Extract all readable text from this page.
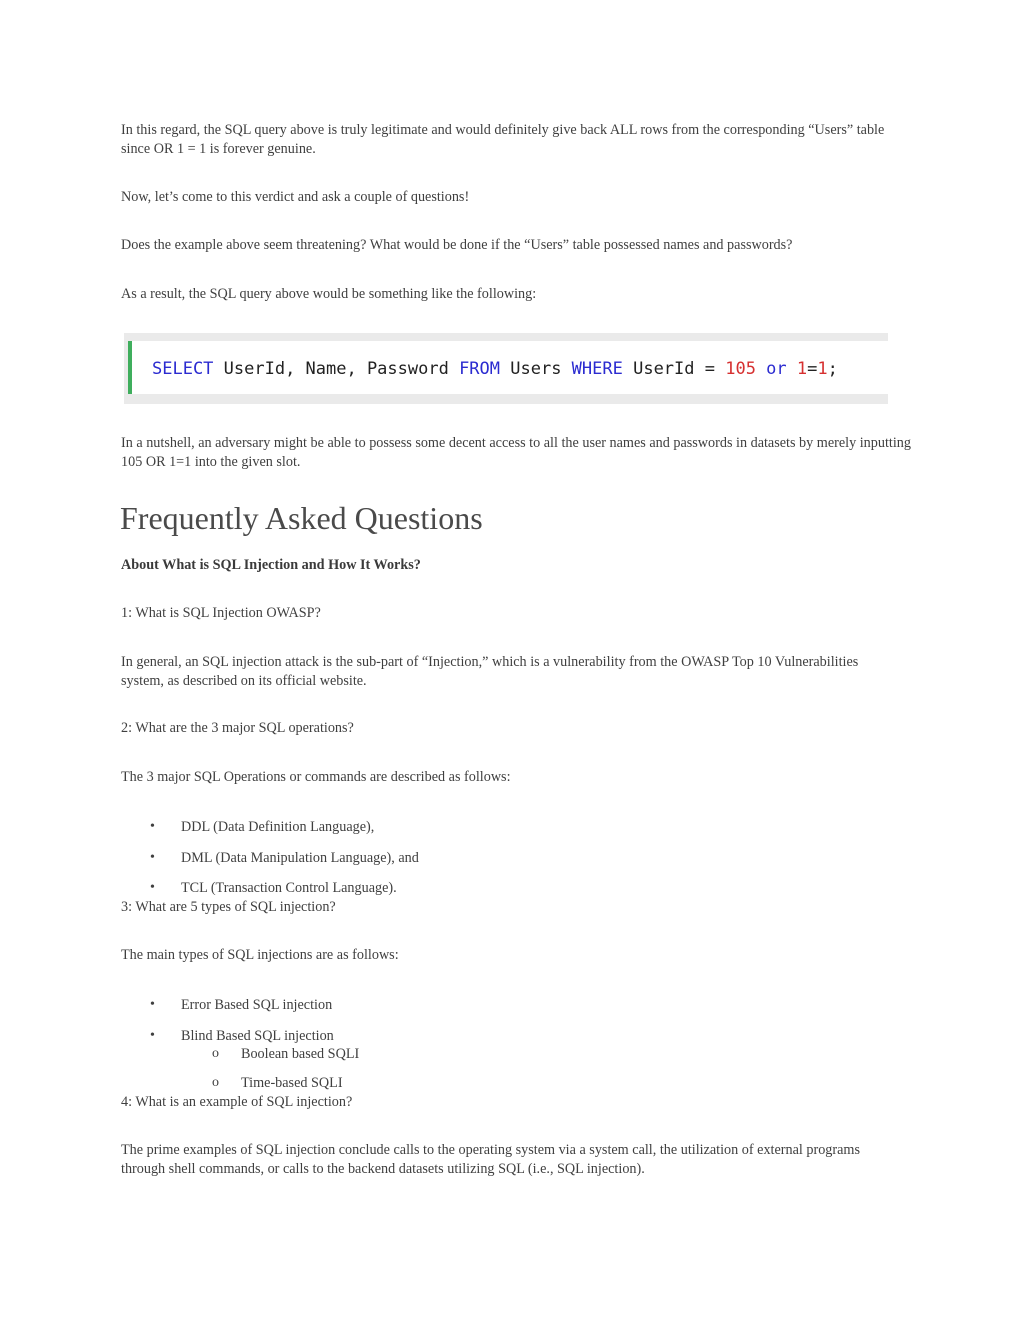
In this regard, the SQL query above is truly legitimate and would definitely give back ALL rows from the corresponding “Users” table since OR 1 = 1 is forever genuine.

Now, let’s come to this verdict and ask a couple of questions!

Does the example above seem threatening? What would be done if the “Users” table possessed names and passwords?

As a result, the SQL query above would be something like the following:

SELECT UserId, Name, Password FROM Users WHERE UserId = 105 or 1=1;

In a nutshell, an adversary might be able to possess some decent access to all the user names and passwords in datasets by merely inputting 105 OR 1=1 into the given slot.

Frequently Asked Questions

About What is SQL Injection and How It Works?

1: What is SQL Injection OWASP?

In general, an SQL injection attack is the sub-part of “Injection,” which is a vulnerability from the OWASP Top 10 Vulnerabilities system, as described on its official website.

2: What are the 3 major SQL operations?

The 3 major SQL Operations or commands are described as follows:

• DDL (Data Definition Language),
• DML (Data Manipulation Language), and
• TCL (Transaction Control Language).

3: What are 5 types of SQL injection?

The main types of SQL injections are as follows:

• Error Based SQL injection
• Blind Based SQL injection
o Boolean based SQLI
o Time-based SQLI

4: What is an example of SQL injection?

The prime examples of SQL injection conclude calls to the operating system via a system call, the utilization of external programs through shell commands, or calls to the backend datasets utilizing SQL (i.e., SQL injection).
